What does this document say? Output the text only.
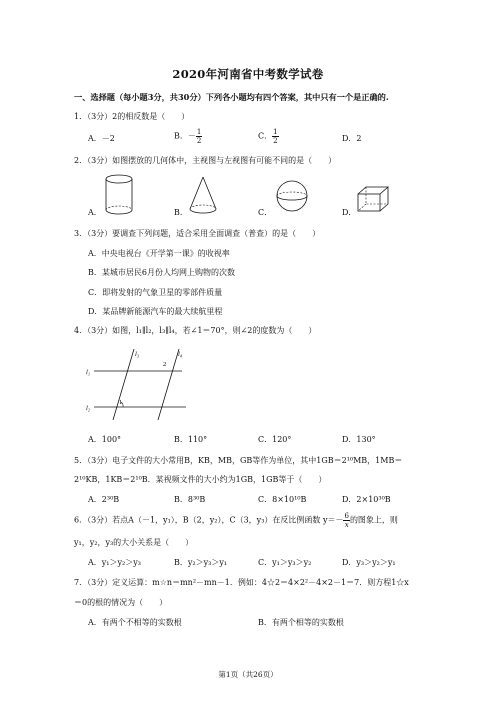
2020年河南省中考数学试卷
一、选择题（每小题3分，共30分）下列各小题均有四个答案，其中只有一个是正确的.
1．（3分）2的相反数是（　　）
A．－2	B．－ $\frac{1}{2}$	C． $\frac{1}{2}$	D．2
2．（3分）如图摆放的几何体中，主视图与左视图有可能不同的是（　　）
A．	B．	C．	D．
3．（3分）要调查下列问题，适合采用全面调查（普查）的是（　　）
A．中央电视台《开学第一课》的收视率
B．某城市居民6月份人均网上购物的次数
C．即将发射的气象卫星的零部件质量
D．某品牌新能源汽车的最大续航里程
4．（3分）如图，l₁∥l₂，l₃∥l₄，若∠1＝70°，则∠2的度数为（　　）
l₃	l₄
l₁
l₂
2
1
A．100°	B．110°	C．120°	D．130°
5．（3分）电子文件的大小常用B，KB，MB，GB等作为单位，其中1GB＝2¹⁰MB，1MB＝
2¹⁰KB，1KB＝2¹⁰B．某视频文件的大小约为1GB，1GB等于（　　）
A．2³⁰B	B．8³⁰B	C．8×10¹⁰B	D．2×10³⁰B
6．（3分）若点A（－1，y₁），B（2，y₂），C（3，y₃）在反比例函数 $y=- \frac{6}{x}$ 的图象上，则
y₁，y₂，y₃的大小关系是（　　）
A．y₁＞y₂＞y₃	B．y₂＞y₃＞y₁	C．y₁＞y₃＞y₂	D．y₃＞y₂＞y₁
7．（3分）定义运算：m☆n＝mn²－mn－1．例如：4☆2＝4×2²－4×2－1＝7．则方程1☆x
＝0的根的情况为（　　）
A．有两个不相等的实数根	B．有两个相等的实数根
第1页（共26页）
